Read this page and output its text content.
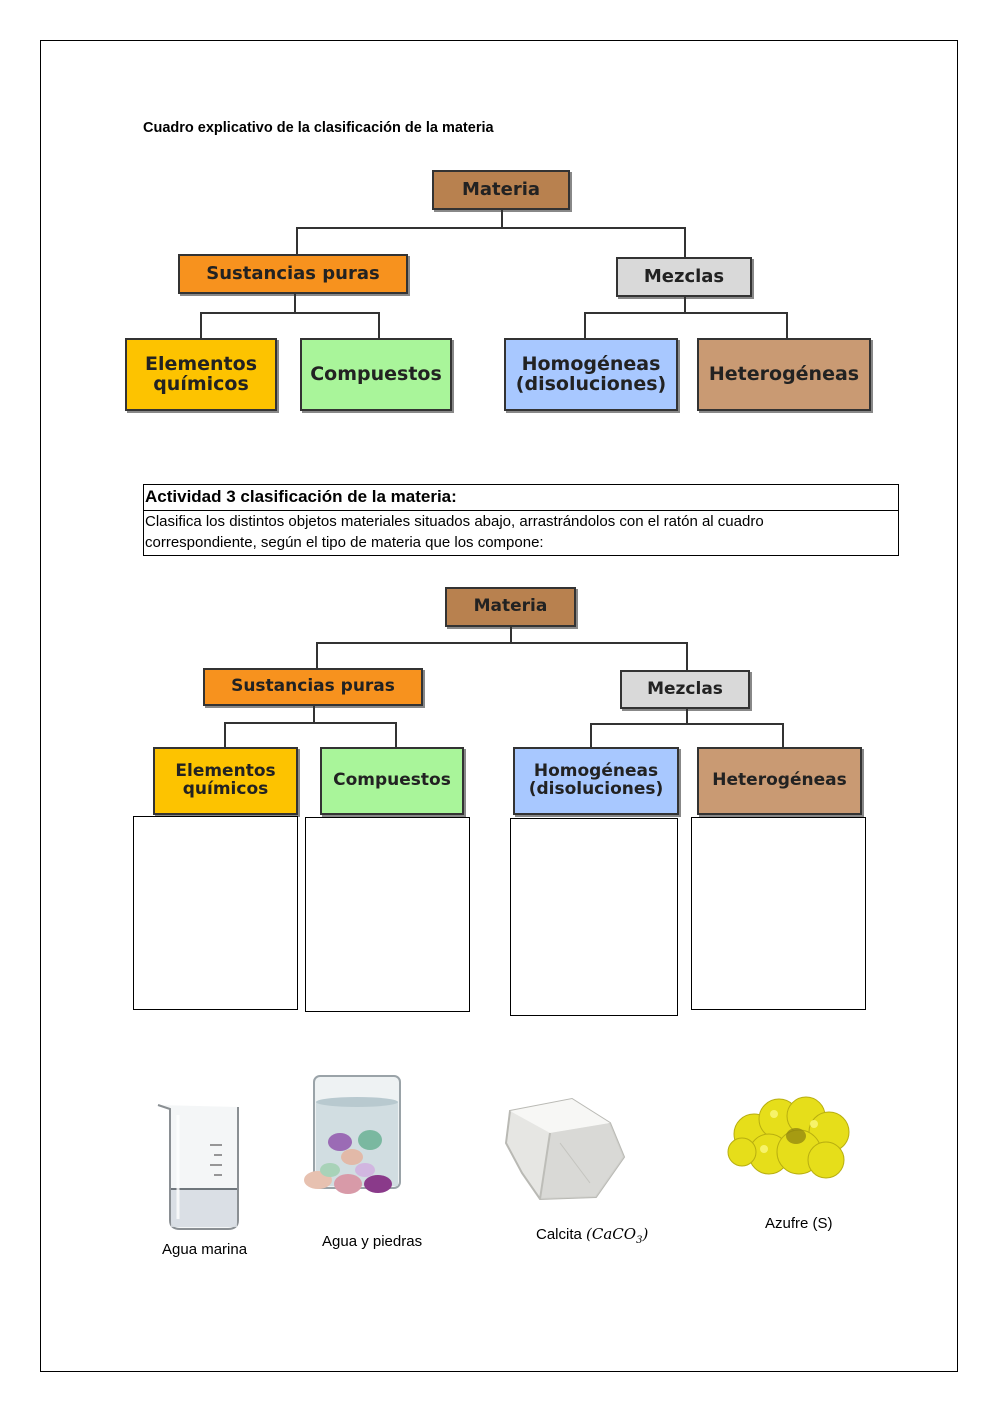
Cuadro explicativo de la clasificación de la materia
Materia
Sustancias puras	Mezclas
Elementos
químicos	Compuestos	Homogéneas
(disoluciones) Heterogéneas
Actividad 3 clasificación de la materia:
Clasifica los distintos objetos materiales situados abajo, arrastrándolos con el ratón al cuadro
correspondiente, según el tipo de materia que los compone:
Materia
Sustancias puras	Mezclas
Elementos
químicos	Compuestos	Homogéneas
(disoluciones)	Heterogéneas
Agua marina	Agua y piedras	Calcita (CaCO$_3$)
Azufre (S)
